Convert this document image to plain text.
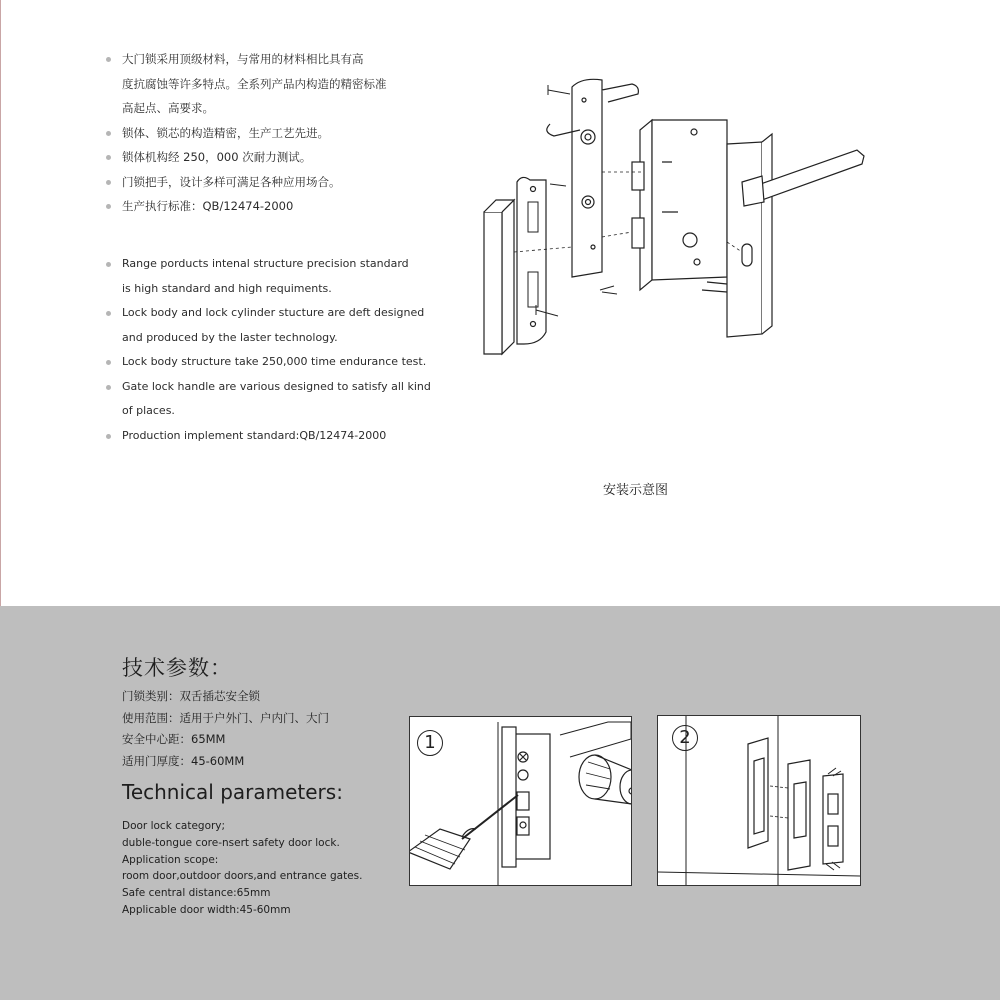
大门锁采用顶级材料，与常用的材料相比具有高
度抗腐蚀等许多特点。全系列产品内构造的精密标准
高起点、高要求。
锁体、锁芯的构造精密，生产工艺先进。
锁体机构经 250，000 次耐力测试。
门锁把手，设计多样可满足各种应用场合。
生产执行标准：QB/12474-2000
Range porducts intenal structure precision standard
is high standard and high requiments.
Lock body and lock cylinder stucture are deft designed
and produced by the laster technology.
Lock body structure take 250,000 time endurance test.
Gate lock handle are various designed to satisfy all kind
of places.
Production implement standard:QB/12474-2000
安装示意图
技术参数：
门锁类别：双舌插芯安全锁
使用范围：适用于户外门、户内门、大门
安全中心距：65MM
适用门厚度：45-60MM
Technical parameters:
Door lock category;
duble-tongue core-nsert safety door lock.
Application scope:
room door,outdoor doors,and entrance gates.
Safe central distance:65mm
Applicable door width:45-60mm
1	2
